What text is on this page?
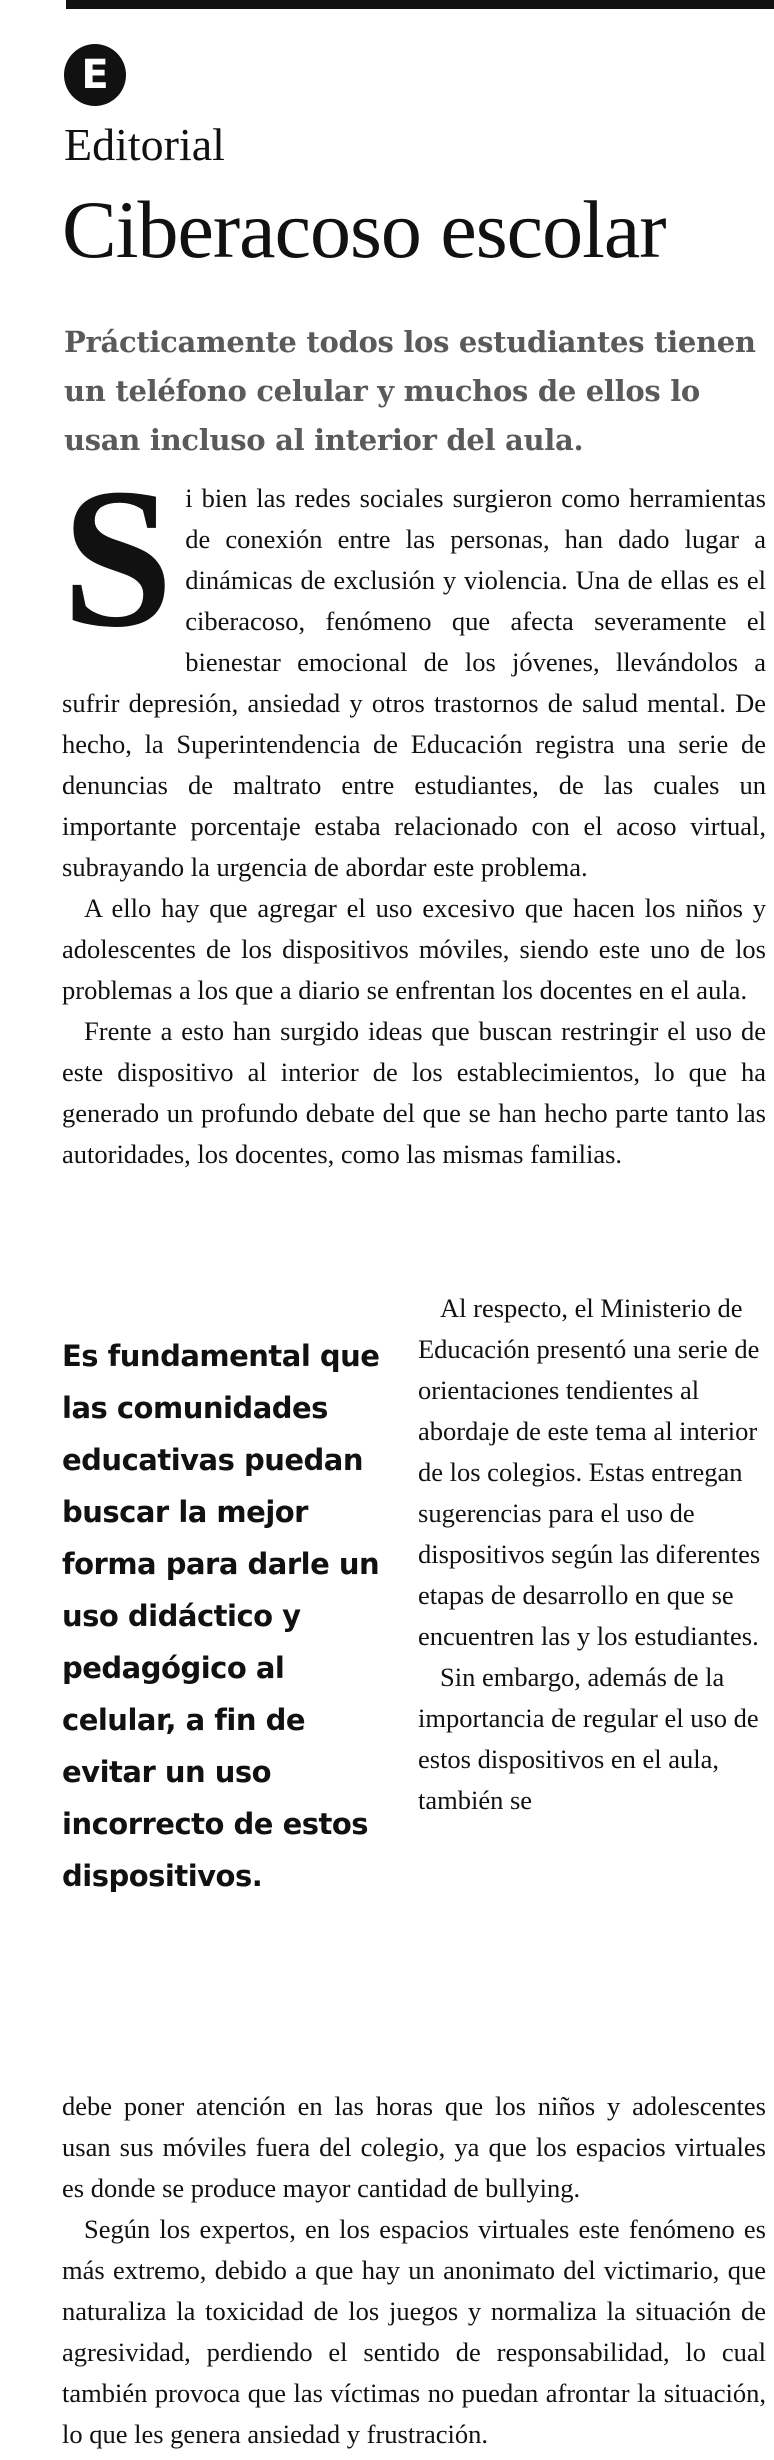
E
Editorial
Ciberacoso escolar
Prácticamente todos los estudiantes tienen un teléfono celular y muchos de ellos lo usan incluso al interior del aula.

Si bien las redes sociales surgieron como herramientas de conexión entre las personas, han dado lugar a dinámicas de exclusión y violencia. Una de ellas es el ciberacoso, fenómeno que afecta severamente el bienestar emocional de los jóvenes, llevándolos a sufrir depresión, ansiedad y otros trastornos de salud mental. De hecho, la Superintendencia de Educación registra una serie de denuncias de maltrato entre estudiantes, de las cuales un importante porcentaje estaba relacionado con el acoso virtual, subrayando la urgencia de abordar este problema.

A ello hay que agregar el uso excesivo que hacen los niños y adolescentes de los dispositivos móviles, siendo este uno de los problemas a los que a diario se enfrentan los docentes en el aula.

Frente a esto han surgido ideas que buscan restringir el uso de este dispositivo al interior de los establecimientos, lo que ha generado un profundo debate del que se han hecho parte tanto las autoridades, los docentes, como las mismas familias.

Es fundamental que las comunidades educativas puedan buscar la mejor forma para darle un uso didáctico y pedagógico al celular, a fin de evitar un uso incorrecto de estos dispositivos.

Al respecto, el Ministerio de Educación presentó una serie de orientaciones tendientes al abordaje de este tema al interior de los colegios. Estas entregan sugerencias para el uso de dispositivos según las diferentes etapas de desarrollo en que se encuentren las y los estudiantes.

Sin embargo, además de la importancia de regular el uso de estos dispositivos en el aula, también se

debe poner atención en las horas que los niños y adolescentes usan sus móviles fuera del colegio, ya que los espacios virtuales es donde se produce mayor cantidad de bullying.

Según los expertos, en los espacios virtuales este fenómeno es más extremo, debido a que hay un anonimato del victimario, que naturaliza la toxicidad de los juegos y normaliza la situación de agresividad, perdiendo el sentido de responsabilidad, lo cual también provoca que las víctimas no puedan afrontar la situación, lo que les genera ansiedad y frustración.
